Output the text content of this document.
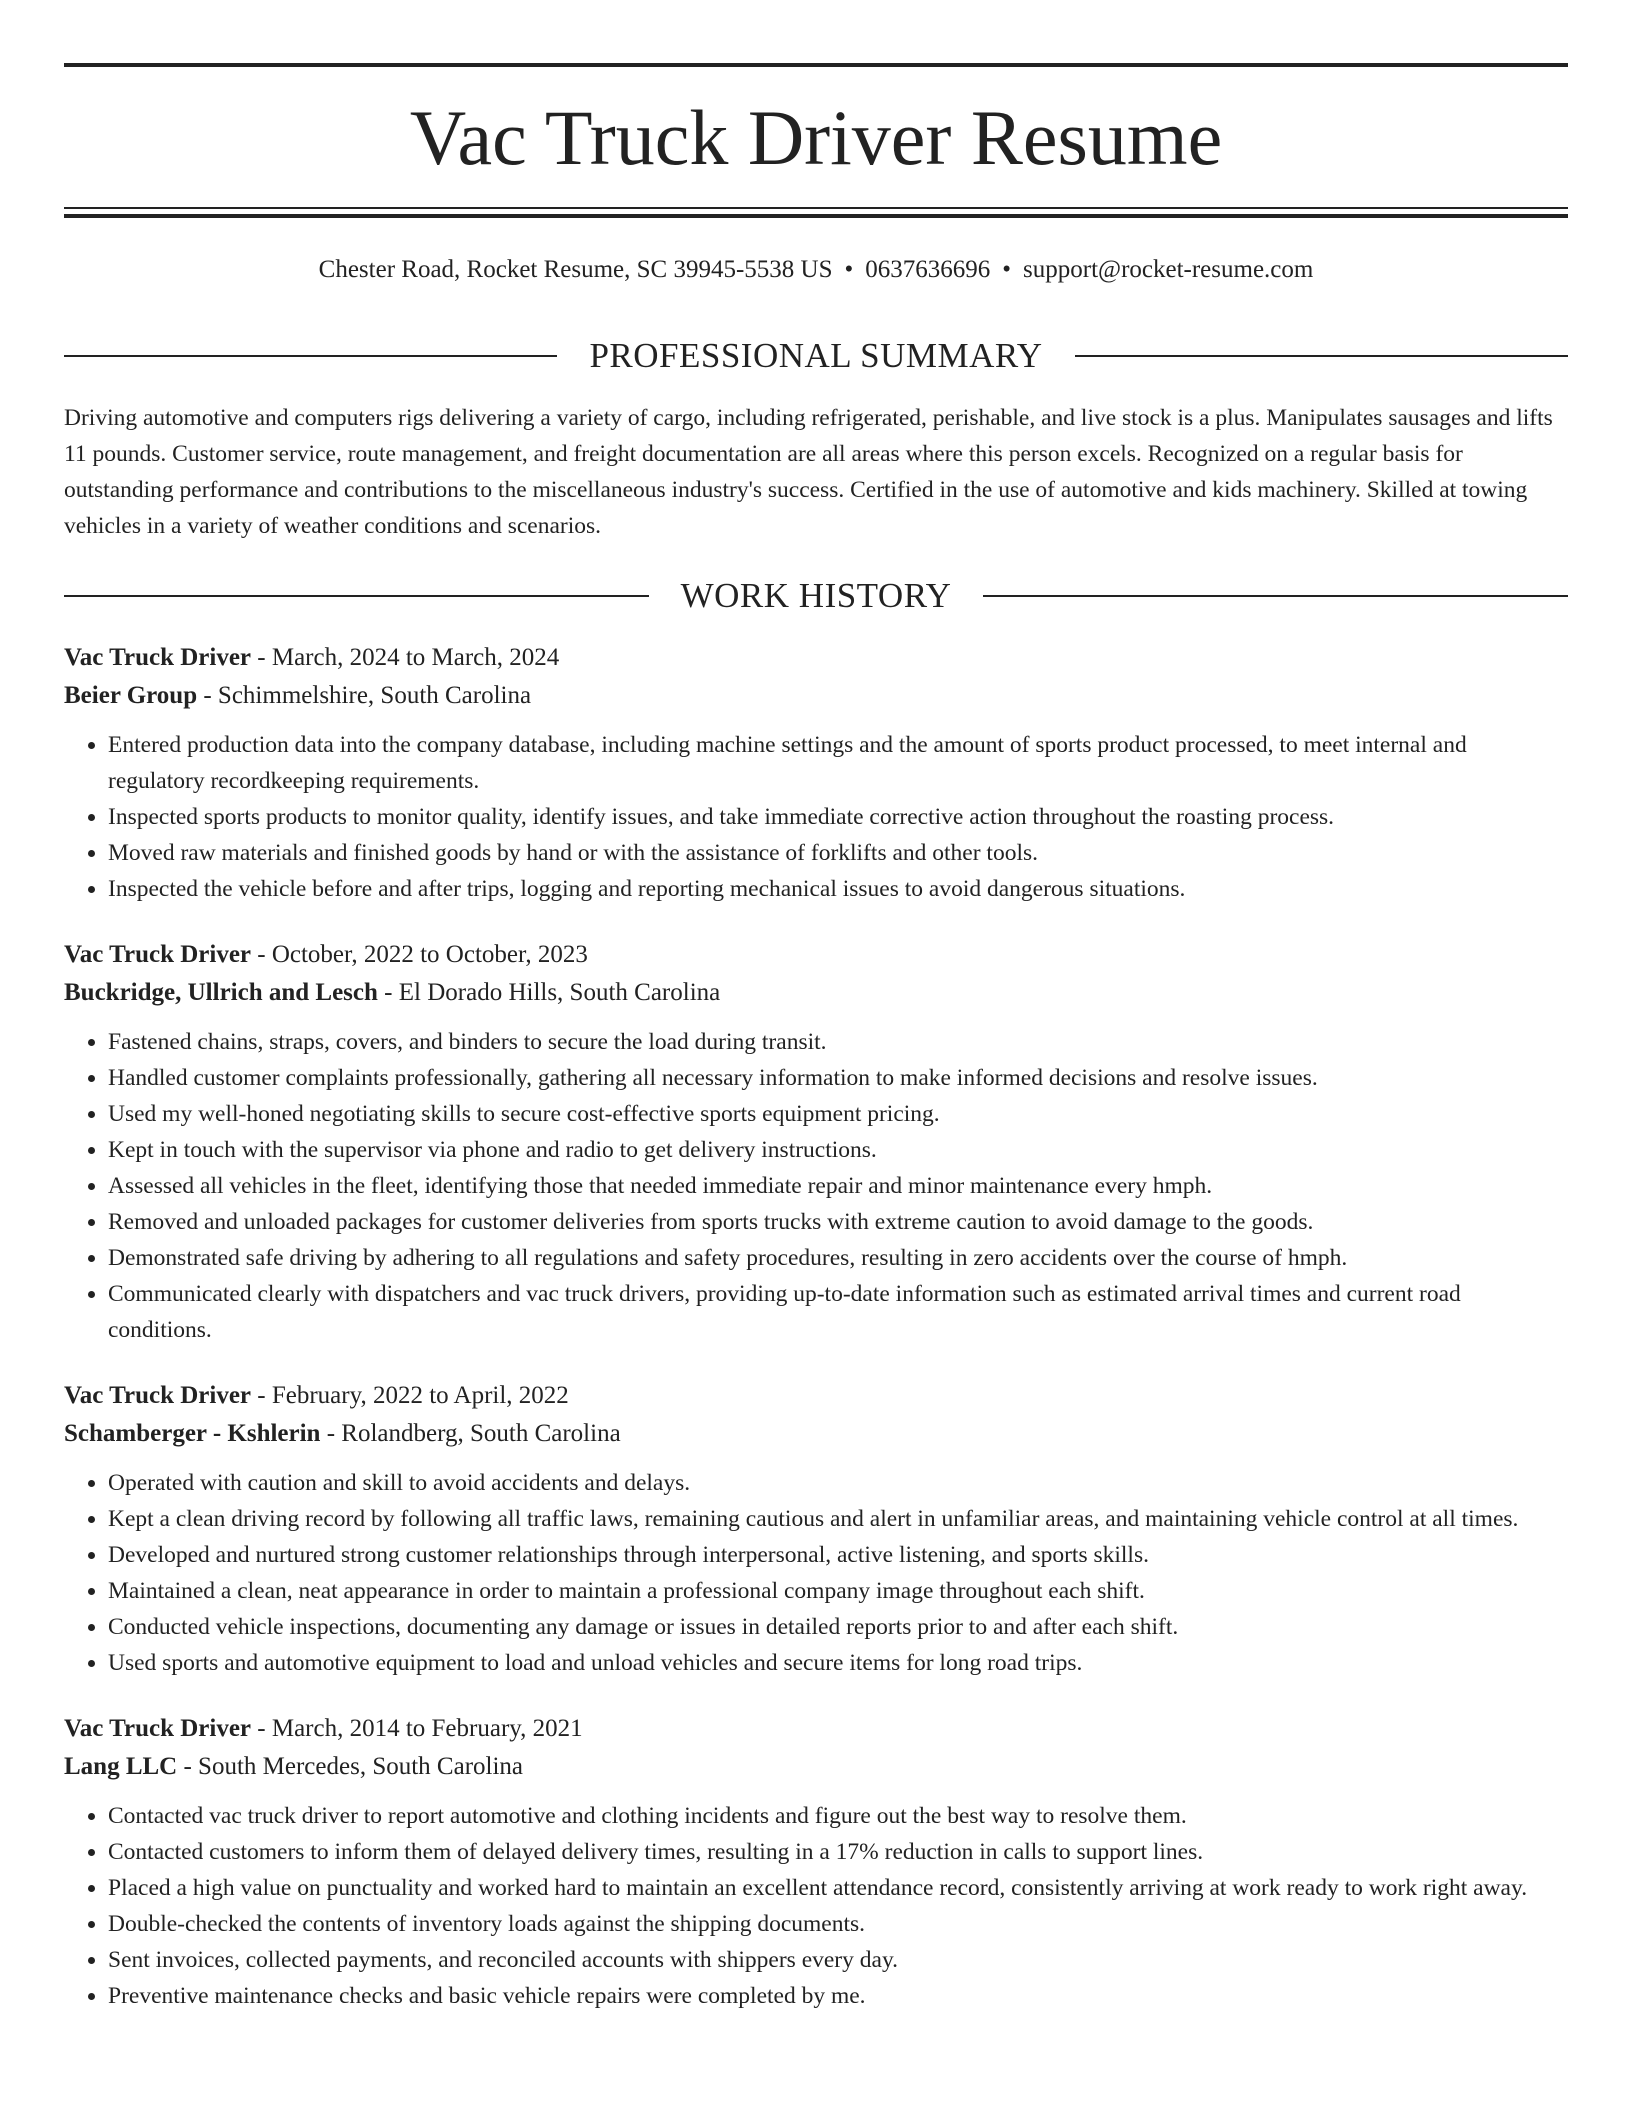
Vac Truck Driver Resume
Chester Road, Rocket Resume, SC 39945-5538 US • 0637636696 • support@rocket-resume.com
PROFESSIONAL SUMMARY

Driving automotive and computers rigs delivering a variety of cargo, including refrigerated, perishable, and live stock is a plus. Manipulates sausages and lifts 11 pounds. Customer service, route management, and freight documentation are all areas where this person excels. Recognized on a regular basis for outstanding performance and contributions to the miscellaneous industry's success. Certified in the use of automotive and kids machinery. Skilled at towing vehicles in a variety of weather conditions and scenarios.

WORK HISTORY
Vac Truck Driver - March, 2024 to March, 2024
Beier Group - Schimmelshire, South Carolina
• Entered production data into the company database, including machine settings and the amount of sports product processed, to meet internal and regulatory recordkeeping requirements.
• Inspected sports products to monitor quality, identify issues, and take immediate corrective action throughout the roasting process.
• Moved raw materials and finished goods by hand or with the assistance of forklifts and other tools.
• Inspected the vehicle before and after trips, logging and reporting mechanical issues to avoid dangerous situations.
Vac Truck Driver - October, 2022 to October, 2023
Buckridge, Ullrich and Lesch - El Dorado Hills, South Carolina
• Fastened chains, straps, covers, and binders to secure the load during transit.
• Handled customer complaints professionally, gathering all necessary information to make informed decisions and resolve issues.
• Used my well-honed negotiating skills to secure cost-effective sports equipment pricing.
• Kept in touch with the supervisor via phone and radio to get delivery instructions.
• Assessed all vehicles in the fleet, identifying those that needed immediate repair and minor maintenance every hmph.
• Removed and unloaded packages for customer deliveries from sports trucks with extreme caution to avoid damage to the goods.
• Demonstrated safe driving by adhering to all regulations and safety procedures, resulting in zero accidents over the course of hmph.
• Communicated clearly with dispatchers and vac truck drivers, providing up-to-date information such as estimated arrival times and current road conditions.
Vac Truck Driver - February, 2022 to April, 2022
Schamberger - Kshlerin - Rolandberg, South Carolina
• Operated with caution and skill to avoid accidents and delays.
• Kept a clean driving record by following all traffic laws, remaining cautious and alert in unfamiliar areas, and maintaining vehicle control at all times.
• Developed and nurtured strong customer relationships through interpersonal, active listening, and sports skills.
• Maintained a clean, neat appearance in order to maintain a professional company image throughout each shift.
• Conducted vehicle inspections, documenting any damage or issues in detailed reports prior to and after each shift.
• Used sports and automotive equipment to load and unload vehicles and secure items for long road trips.
Vac Truck Driver - March, 2014 to February, 2021
Lang LLC - South Mercedes, South Carolina
• Contacted vac truck driver to report automotive and clothing incidents and figure out the best way to resolve them.
• Contacted customers to inform them of delayed delivery times, resulting in a 17% reduction in calls to support lines.
• Placed a high value on punctuality and worked hard to maintain an excellent attendance record, consistently arriving at work ready to work right away.
• Double-checked the contents of inventory loads against the shipping documents.
• Sent invoices, collected payments, and reconciled accounts with shippers every day.
• Preventive maintenance checks and basic vehicle repairs were completed by me.
